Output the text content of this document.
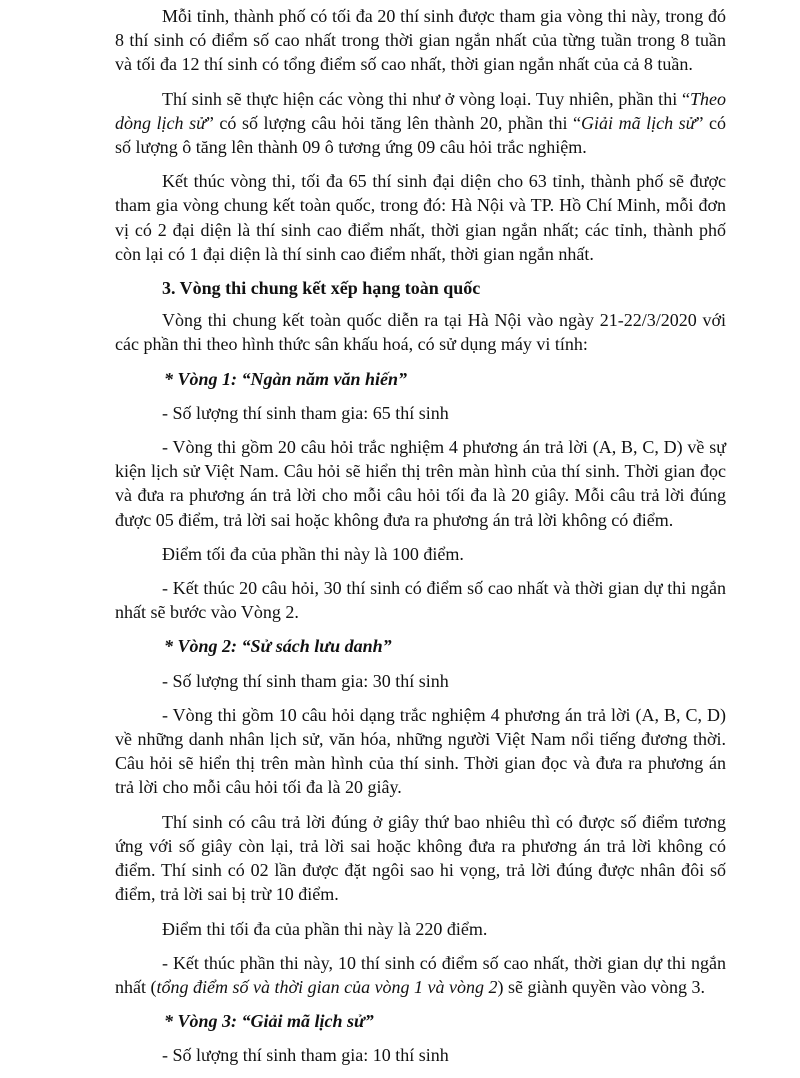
Mỗi tỉnh, thành phố có tối đa 20 thí sinh được tham gia vòng thi này, trong đó 8 thí sinh có điểm số cao nhất trong thời gian ngắn nhất của từng tuần trong 8 tuần và tối đa 12 thí sinh có tổng điểm số cao nhất, thời gian ngắn nhất của cả 8 tuần.

Thí sinh sẽ thực hiện các vòng thi như ở vòng loại. Tuy nhiên, phần thi “Theo dòng lịch sử” có số lượng câu hỏi tăng lên thành 20, phần thi “Giải mã lịch sử” có số lượng ô tăng lên thành 09 ô tương ứng 09 câu hỏi trắc nghiệm.

Kết thúc vòng thi, tối đa 65 thí sinh đại diện cho 63 tỉnh, thành phố sẽ được tham gia vòng chung kết toàn quốc, trong đó: Hà Nội và TP. Hồ Chí Minh, mỗi đơn vị có 2 đại diện là thí sinh cao điểm nhất, thời gian ngắn nhất; các tỉnh, thành phố còn lại có 1 đại diện là thí sinh cao điểm nhất, thời gian ngắn nhất.

3. Vòng thi chung kết xếp hạng toàn quốc

Vòng thi chung kết toàn quốc diễn ra tại Hà Nội vào ngày 21-22/3/2020 với các phần thi theo hình thức sân khấu hoá, có sử dụng máy vi tính:

* Vòng 1: “Ngàn năm văn hiến”

- Số lượng thí sinh tham gia: 65 thí sinh

- Vòng thi gồm 20 câu hỏi trắc nghiệm 4 phương án trả lời (A, B, C, D) về sự kiện lịch sử Việt Nam. Câu hỏi sẽ hiển thị trên màn hình của thí sinh. Thời gian đọc và đưa ra phương án trả lời cho mỗi câu hỏi tối đa là 20 giây. Mỗi câu trả lời đúng được 05 điểm, trả lời sai hoặc không đưa ra phương án trả lời không có điểm.

Điểm tối đa của phần thi này là 100 điểm.

- Kết thúc 20 câu hỏi, 30 thí sinh có điểm số cao nhất và thời gian dự thi ngắn nhất sẽ bước vào Vòng 2.

* Vòng 2: “Sử sách lưu danh”

- Số lượng thí sinh tham gia: 30 thí sinh

- Vòng thi gồm 10 câu hỏi dạng trắc nghiệm 4 phương án trả lời (A, B, C, D) về những danh nhân lịch sử, văn hóa, những người Việt Nam nổi tiếng đương thời. Câu hỏi sẽ hiển thị trên màn hình của thí sinh. Thời gian đọc và đưa ra phương án trả lời cho mỗi câu hỏi tối đa là 20 giây.

Thí sinh có câu trả lời đúng ở giây thứ bao nhiêu thì có được số điểm tương ứng với số giây còn lại, trả lời sai hoặc không đưa ra phương án trả lời không có điểm. Thí sinh có 02 lần được đặt ngôi sao hi vọng, trả lời đúng được nhân đôi số điểm, trả lời sai bị trừ 10 điểm.

Điểm thi tối đa của phần thi này là 220 điểm.

- Kết thúc phần thi này, 10 thí sinh có điểm số cao nhất, thời gian dự thi ngắn nhất (tổng điểm số và thời gian của vòng 1 và vòng 2) sẽ giành quyền vào vòng 3.

* Vòng 3: “Giải mã lịch sử”

- Số lượng thí sinh tham gia: 10 thí sinh
